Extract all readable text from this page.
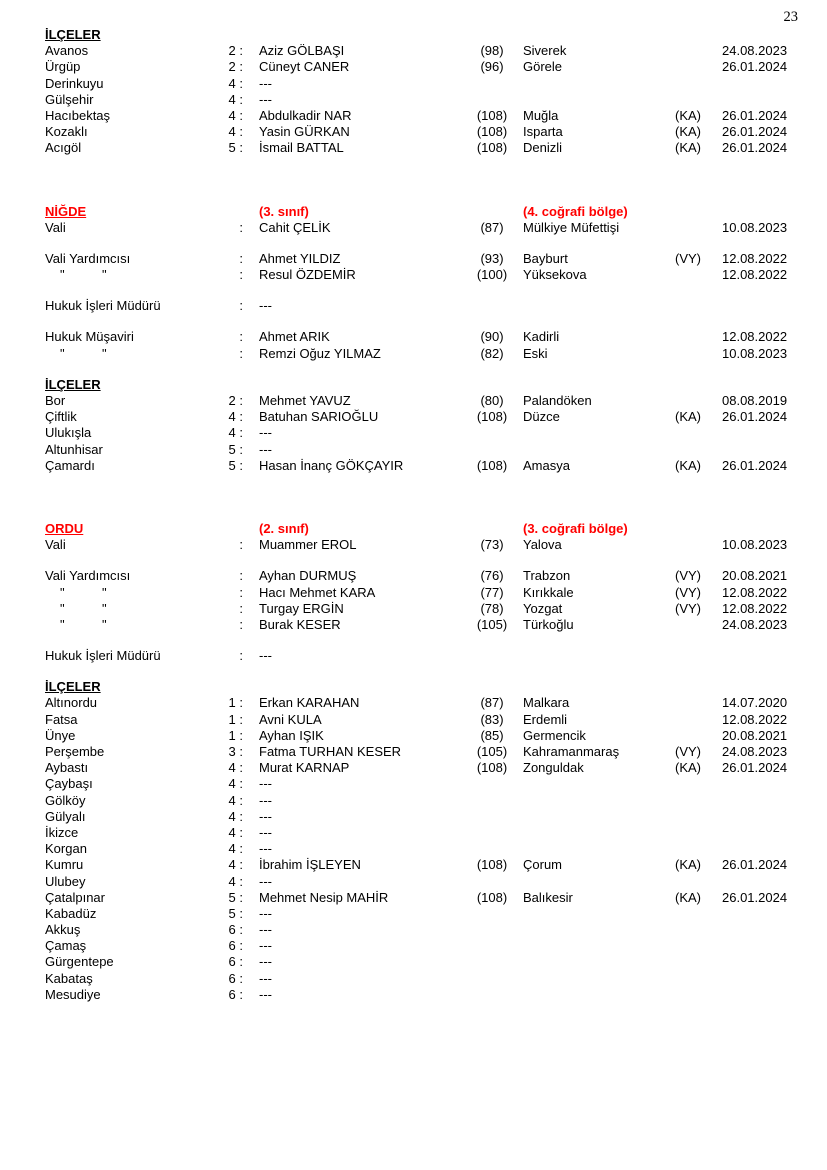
23
İLÇELER
Avanos	2 :	Aziz GÖLBAŞI	(98)	Siverek	24.08.2023
Ürgüp	2 :	Cüneyt CANER	(96)	Görele	26.01.2024
Derinkuyu	4 :	---
Gülşehir	4 :	---
Hacıbektaş	4 :	Abdulkadir NAR	(108)	Muğla	(KA)	26.01.2024
Kozaklı	4 :	Yasin GÜRKAN	(108)	Isparta	(KA)	26.01.2024
Acıgöl	5 :	İsmail BATTAL	(108)	Denizli	(KA)	26.01.2024
NİĞDE	(3. sınıf)	(4. coğrafi bölge)
Vali	:	Cahit ÇELİK	(87)	Mülkiye Müfettişi	10.08.2023
Vali Yardımcısı	:	Ahmet YILDIZ	(93)	Bayburt	(VY)	12.08.2022
"	"	:	Resul ÖZDEMİR	(100)	Yüksekova	12.08.2022
Hukuk İşleri Müdürü	:	---
Hukuk Müşaviri	:	Ahmet ARIK	(90)	Kadirli	12.08.2022
"	"	:	Remzi Oğuz YILMAZ	(82)	Eski	10.08.2023
İLÇELER
Bor	2 :	Mehmet YAVUZ	(80)	Palandöken	08.08.2019
Çiftlik	4 :	Batuhan SARIOĞLU	(108)	Düzce	(KA)	26.01.2024
Ulukışla	4 :	---
Altunhisar	5 :	---
Çamardı	5 :	Hasan İnanç GÖKÇAYIR	(108)	Amasya	(KA)	26.01.2024
ORDU	(2. sınıf)	(3. coğrafi bölge)
Vali	:	Muammer EROL	(73)	Yalova	10.08.2023
Vali Yardımcısı	:	Ayhan DURMUŞ	(76)	Trabzon	(VY)	20.08.2021
"	"	:	Hacı Mehmet KARA	(77)	Kırıkkale	(VY)	12.08.2022
"	"	:	Turgay ERGİN	(78)	Yozgat	(VY)	12.08.2022
"	"	:	Burak KESER	(105)	Türkoğlu	24.08.2023
Hukuk İşleri Müdürü	:	---
İLÇELER
Altınordu	1 :	Erkan KARAHAN	(87)	Malkara	14.07.2020
Fatsa	1 :	Avni KULA	(83)	Erdemli	12.08.2022
Ünye	1 :	Ayhan IŞIK	(85)	Germencik	20.08.2021
Perşembe	3 :	Fatma TURHAN KESER	(105)	Kahramanmaraş	(VY)	24.08.2023
Aybastı	4 :	Murat KARNAP	(108)	Zonguldak	(KA)	26.01.2024
Çaybaşı	4 :	---
Gölköy	4 :	---
Gülyalı	4 :	---
İkizce	4 :	---
Korgan	4 :	---
Kumru	4 :	İbrahim İŞLEYEN	(108)	Çorum	(KA)	26.01.2024
Ulubey	4 :	---
Çatalpınar	5 :	Mehmet Nesip MAHİR	(108)	Balıkesir	(KA)	26.01.2024
Kabadüz	5 :	---
Akkuş	6 :	---
Çamaş	6 :	---
Gürgentepe	6 :	---
Kabataş	6 :	---
Mesudiye	6 :	---
